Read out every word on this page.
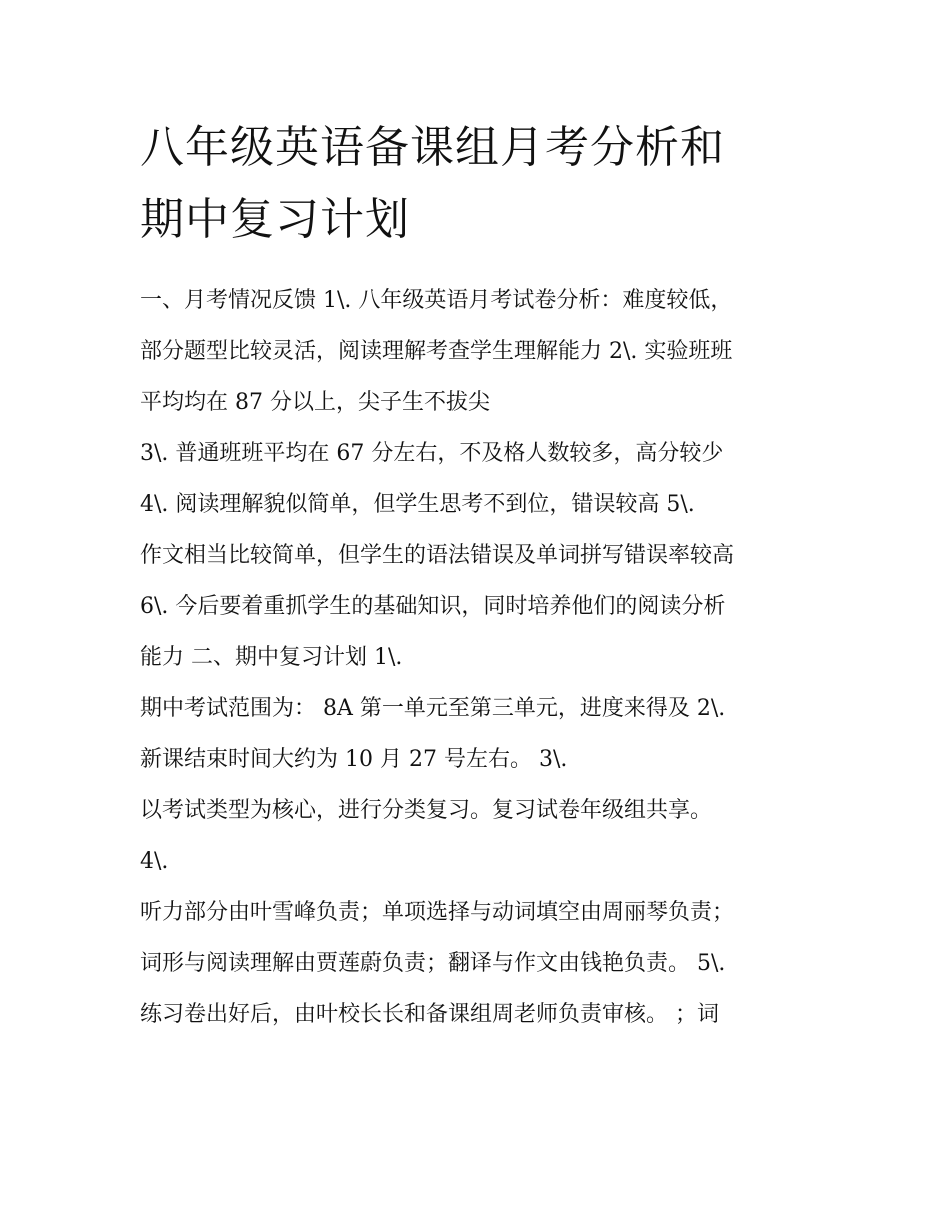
八年级英语备课组月考分析和
期中复习计划
一、月考情况反馈 1\. 八年级英语月考试卷分析：难度较低，
部分题型比较灵活，阅读理解考查学生理解能力 2\. 实验班班
平均均在 87 分以上，尖子生不拔尖
3\. 普通班班平均在 67 分左右，不及格人数较多，高分较少
4\. 阅读理解貌似简单，但学生思考不到位，错误较高 5\.
作文相当比较简单，但学生的语法错误及单词拼写错误率较高
6\. 今后要着重抓学生的基础知识，同时培养他们的阅读分析
能力 二、期中复习计划 1\.
期中考试范围为： 8A 第一单元至第三单元，进度来得及 2\.
新课结束时间大约为 10 月 27 号左右。 3\.
以考试类型为核心，进行分类复习。复习试卷年级组共享。
4\.
听力部分由叶雪峰负责；单项选择与动词填空由周丽琴负责；
词形与阅读理解由贾莲蔚负责；翻译与作文由钱艳负责。 5\.
练习卷出好后，由叶校长长和备课组周老师负责审核。 ；词
